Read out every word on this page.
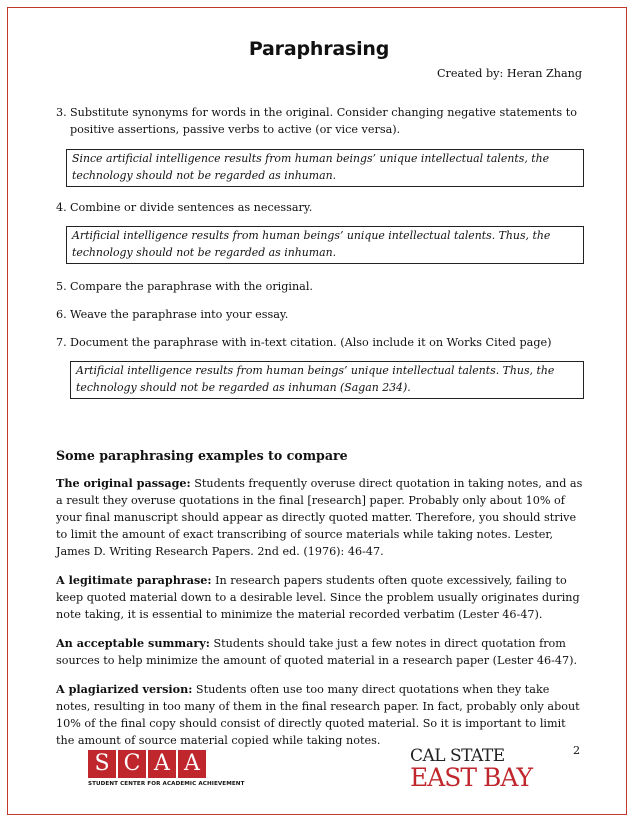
Paraphrasing
Created by: Heran Zhang
3. Substitute synonyms for words in the original. Consider changing negative statements to positive assertions, passive verbs to active (or vice versa).
Since artificial intelligence results from human beings’ unique intellectual talents, the technology should not be regarded as inhuman.
4. Combine or divide sentences as necessary.
Artificial intelligence results from human beings’ unique intellectual talents. Thus, the technology should not be regarded as inhuman.
5. Compare the paraphrase with the original.
6. Weave the paraphrase into your essay.
7. Document the paraphrase with in-text citation. (Also include it on Works Cited page)
Artificial intelligence results from human beings’ unique intellectual talents. Thus, the technology should not be regarded as inhuman (Sagan 234).
Some paraphrasing examples to compare

The original passage: Students frequently overuse direct quotation in taking notes, and as a result they overuse quotations in the final [research] paper. Probably only about 10% of your final manuscript should appear as directly quoted matter. Therefore, you should strive to limit the amount of exact transcribing of source materials while taking notes. Lester, James D. Writing Research Papers. 2nd ed. (1976): 46-47.

A legitimate paraphrase: In research papers students often quote excessively, failing to keep quoted material down to a desirable level. Since the problem usually originates during note taking, it is essential to minimize the material recorded verbatim (Lester 46-47).

An acceptable summary: Students should take just a few notes in direct quotation from sources to help minimize the amount of quoted material in a research paper (Lester 46-47).

A plagiarized version: Students often use too many direct quotations when they take notes, resulting in too many of them in the final research paper. In fact, probably only about 10% of the final copy should consist of directly quoted material. So it is important to limit the amount of source material copied while taking notes.

S C A A
STUDENT CENTER FOR ACADEMIC ACHIEVEMENT
CAL STATE
EAST BAY
2
